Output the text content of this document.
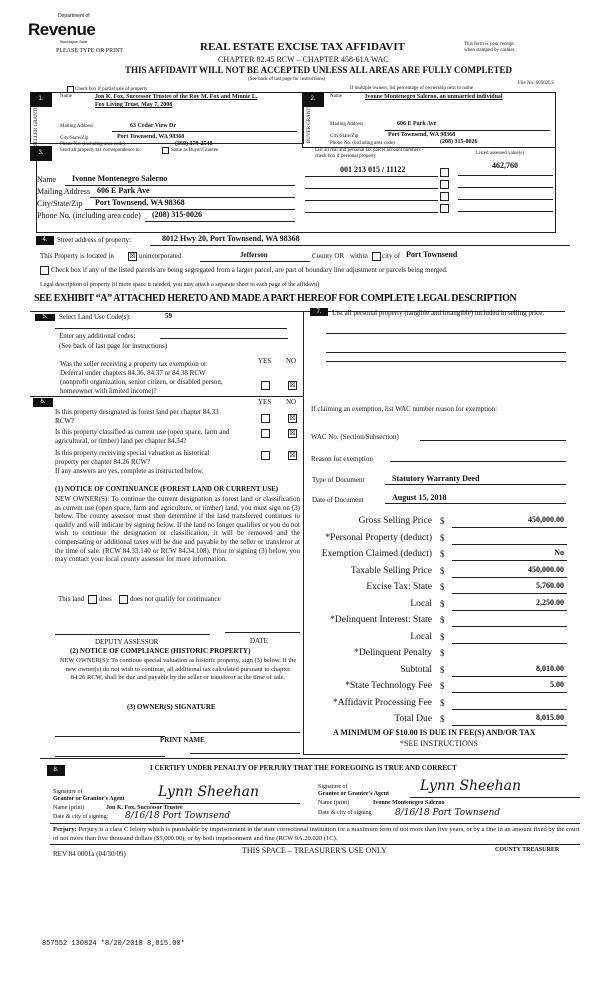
Department of
Revenue
Washington State
PLEASE TYPE OR PRINT	REAL ESTATE EXCISE TAX AFFIDAVIT
CHAPTER 82.45 RCW – CHAPTER 458-61A WAC
THIS AFFIDAVIT WILL NOT BE ACCEPTED UNLESS ALL AREAS ARE FULLY COMPLETED
(See back of last page for instructions)
This form is your receipt
when stamped by cashier.
File No. 60562LS
Check box if partial sale of property
1.
SELLER GRANTOR
Name	Jon K. Fox, Successor Trustee of the Roy M. Fox and Minnie L.
Fox Living Trust, May 7, 2008
Mailing Address	63 Cedar View Dr
City/State/Zip	Port Townsend, WA 98368
Phone No. (including area code)	(360) 379-2548
If multiple owners, list percentage of ownership next to name
2.
BUYER GRANTEE
Name	Ivonne Montenegro Salerno, an unmarried individual
Mailing Address	606 E Park Ave
City/State/Zip	Port Townsend, WA 98368
Phone No. (including area code)	(208) 315-0026
3.	Send all property tax correspondence to:	Same as Buyer/Grantee
Name Ivonne Montenegro Salerno
Mailing Address 606 E Park Ave
City/State/Zip Port Townsend, WA 98368
Phone No. (including area code) (208) 315-0026
List all real and personal tax parcel account numbers –
check box if personal property
Listed assessed value(s)
001 213 015 / 11122	462,760
4.	Street address of property:	8012 Hwy 20, Port Townsend, WA 98368
This Property is located in ☒ unincorporated	Jefferson	County OR within city of Port Townsend
Check box if any of the listed parcels are being segregated from a larger parcel, are part of boundary line adjustment or parcels being merged.
Legal description of property (if more space is needed, you may attach a separate sheet to each page of the affidavit)
SEE EXHIBIT “A” ATTACHED HERETO AND MADE A PART HEREOF FOR COMPLETE LEGAL DESCRIPTION
5.	Select Land Use Code(s):	59
Enter any additional codes:
(See back of last page for instructions)
YES NO
Was the seller receiving a property tax exemption or
Deferral under chapters 84.36, 84.37 or 84.38 RCW
(nonprofit organization, senior citizen, or disabled person,
homeowner with limited income)?
☒
6.	YES NO
Is this property designated as forest land per chapter 84.33
RCW?	☒
Is this property classified as current use (open space, farm and
agricultural, or timber) land per chapter 84.34?
☒
Is this property receiving special valuation as historical
property per chapter 84.26 RCW?
☒
If any answers are yes, complete as instructed below.
(1) NOTICE OF CONTINUANCE (FOREST LAND OR CURRENT USE)
NEW OWNER(S): To continue the current designation as forest land or classification as current use (open space, farm and agriculture, or timber) land, you must sign on (3) below. The county assessor must then determine if the land transferred continues to qualify and will indicate by signing below. If the land no longer qualifies or you do not wish to continue the designation or classification, it will be removed and the compensating or additional taxes will be due and payable by the seller or transferor at the time of sale. (RCW 84.33.140 or RCW 84.34.108). Prior to signing (3) below, you may contact your local county assessor for more information.
This land does	does not qualify for continuance
DEPUTY ASSESSOR	DATE
(2) NOTICE OF COMPLIANCE (HISTORIC PROPERTY)
NEW OWNER(S): To continue special valuation as historic property, sign (3) below. If the new owner(s) do not wish to continue, all additional tax calculated pursuant to chapter 84.26 RCW, shall be due and payable by the seller or transferor at the time of sale.
(3) OWNER(S) SIGNATURE
PRINT NAME
7.	List all personal property (tangible and intangible) included in selling price.
If claiming an exemption, list WAC number reason for exemption:
WAC No. (Section/Subsection)
Reason for exemption
Type of Document	Statutory Warranty Deed
Date of Document	August 15, 2018
Gross Selling Price $	450,000.00
*Personal Property (deduct) $
Exemption Claimed (deduct) $	No
Taxable Selling Price $	450,000.00
Excise Tax: State $	5,760.00
Local $	2,250.00
*Delinquent Interest: State $
Local $
*Delinquent Penalty $
Subtotal $	8,010.00
*State Technology Fee $	5.00
*Affidavit Processing Fee $
Total Due $	8,015.00
A MINIMUM OF $10.00 IS DUE IN FEE(S) AND/OR TAX
*SEE INSTRUCTIONS
8.	I CERTIFY UNDER PENALTY OF PERJURY THAT THE FOREGOING IS TRUE AND CORRECT
Signature of
Grantor or Grantor's Agent Lynn Sheehan
Name (print)	Jon K. Fox, Successor Trustee
Date & city of signing: 8/16/18 Port Townsend
Signature of
Grantee or Grantee's Agent Lynn Sheehan
Name (print)	Ivonne Montenegro Salerno
Date & city of signing	8/16/18 Port Townsend
Perjury: Perjury is a class C felony which is punishable by imprisonment in the state correctional institution for a maximum term of not more than five years, or by a fine in an amount fixed by the court of not more than five thousand dollars ($5,000.00), or by both imprisonment and fine (RCW 9A.20.020 (1C).
REV 84 0001a (04/30/09)	THIS SPACE – TREASURER'S USE ONLY	COUNTY TREASURER
857552 130824 *8/20/2018 8,015.00*
